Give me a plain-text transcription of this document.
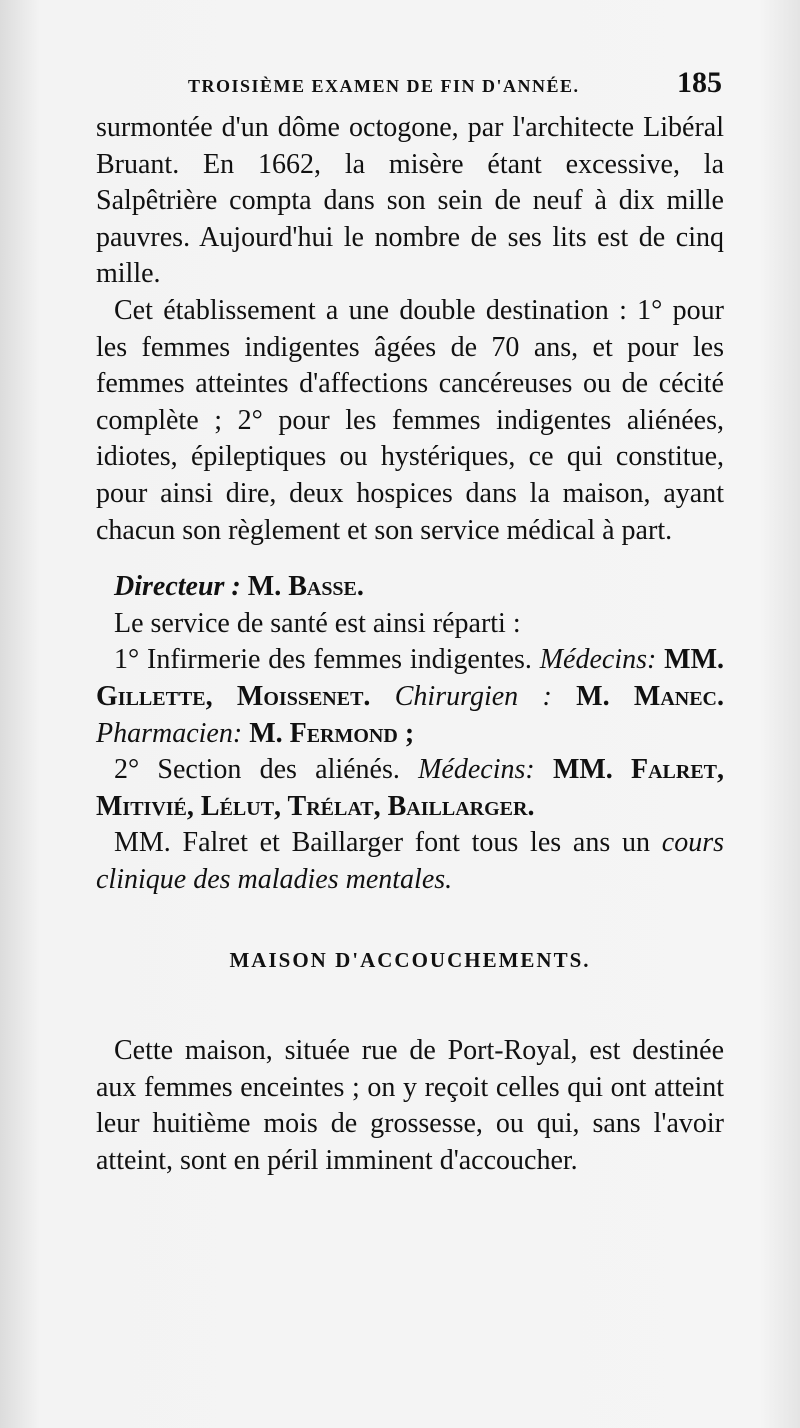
TROISIÈME EXAMEN DE FIN D'ANNÉE.	185

surmontée d'un dôme octogone, par l'architecte Libéral Bruant. En 1662, la misère étant excessive, la Salpêtrière compta dans son sein de neuf à dix mille pauvres. Aujourd'hui le nombre de ses lits est de cinq mille.

Cet établissement a une double destination : 1° pour les femmes indigentes âgées de 70 ans, et pour les femmes atteintes d'affections cancéreuses ou de cécité complète ; 2° pour les femmes indigentes aliénées, idiotes, épileptiques ou hystériques, ce qui constitue, pour ainsi dire, deux hospices dans la maison, ayant chacun son règlement et son service médical à part.

Directeur : M. Basse.

Le service de santé est ainsi réparti :

1° Infirmerie des femmes indigentes. Médecins: MM. Gillette, Moissenet. Chirurgien : M. Manec. Pharmacien: M. Fermond ;

2° Section des aliénés. Médecins: MM. Falret, Mitivié, Lélut, Trélat, Baillarger.

MM. Falret et Baillarger font tous les ans un cours clinique des maladies mentales.

MAISON D'ACCOUCHEMENTS.

Cette maison, située rue de Port-Royal, est destinée aux femmes enceintes ; on y reçoit celles qui ont atteint leur huitième mois de grossesse, ou qui, sans l'avoir atteint, sont en péril imminent d'accoucher.
